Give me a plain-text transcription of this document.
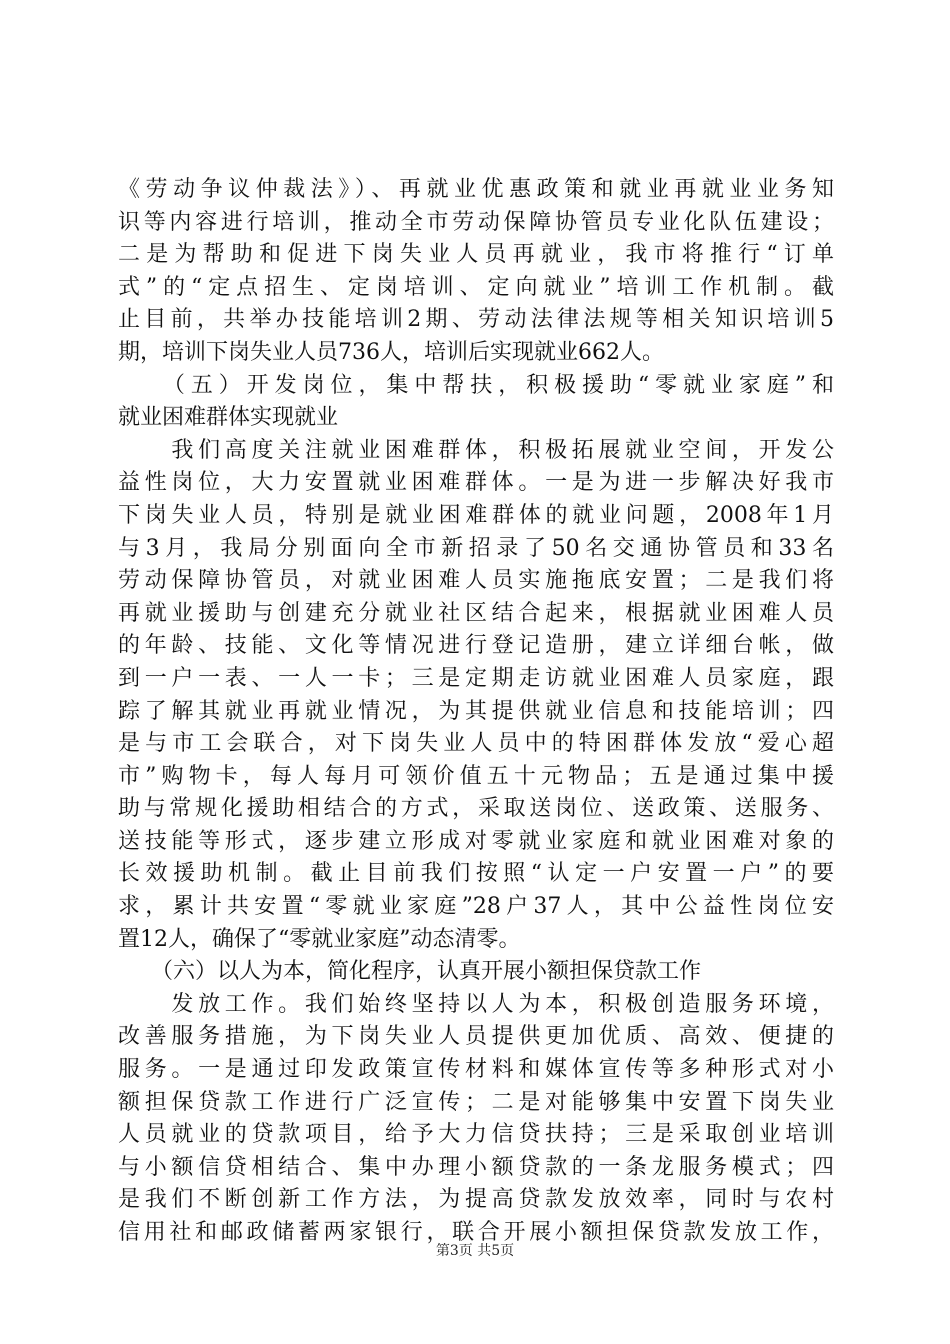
《劳动争议仲裁法》）、再就业优惠政策和就业再就业业务知
识等内容进行培训，推动全市劳动保障协管员专业化队伍建设；
二是为帮助和促进下岗失业人员再就业，我市将推行“订单
式”的“定点招生、定岗培训、定向就业”培训工作机制。截
止目前，共举办技能培训2期、劳动法律法规等相关知识培训5
期，培训下岗失业人员736人，培训后实现就业662人。
　　（五）开发岗位，集中帮扶，积极援助“零就业家庭”和
就业困难群体实现就业
　　我们高度关注就业困难群体，积极拓展就业空间，开发公
益性岗位，大力安置就业困难群体。一是为进一步解决好我市
下岗失业人员，特别是就业困难群体的就业问题，2008年1月
与3月，我局分别面向全市新招录了50名交通协管员和33名
劳动保障协管员，对就业困难人员实施拖底安置；二是我们将
再就业援助与创建充分就业社区结合起来，根据就业困难人员
的年龄、技能、文化等情况进行登记造册，建立详细台帐，做
到一户一表、一人一卡；三是定期走访就业困难人员家庭，跟
踪了解其就业再就业情况，为其提供就业信息和技能培训；四
是与市工会联合，对下岗失业人员中的特困群体发放“爱心超
市”购物卡，每人每月可领价值五十元物品；五是通过集中援
助与常规化援助相结合的方式，采取送岗位、送政策、送服务、
送技能等形式，逐步建立形成对零就业家庭和就业困难对象的
长效援助机制。截止目前我们按照“认定一户安置一户”的要
求，累计共安置“零就业家庭”28户37人，其中公益性岗位安
置12人，确保了“零就业家庭”动态清零。
　　（六）以人为本，简化程序，认真开展小额担保贷款工作
　　发放工作。我们始终坚持以人为本，积极创造服务环境，
改善服务措施，为下岗失业人员提供更加优质、高效、便捷的
服务。一是通过印发政策宣传材料和媒体宣传等多种形式对小
额担保贷款工作进行广泛宣传；二是对能够集中安置下岗失业
人员就业的贷款项目，给予大力信贷扶持；三是采取创业培训
与小额信贷相结合、集中办理小额贷款的一条龙服务模式；四
是我们不断创新工作方法，为提高贷款发放效率，同时与农村
信用社和邮政储蓄两家银行，联合开展小额担保贷款发放工作，
第3页 共5页
